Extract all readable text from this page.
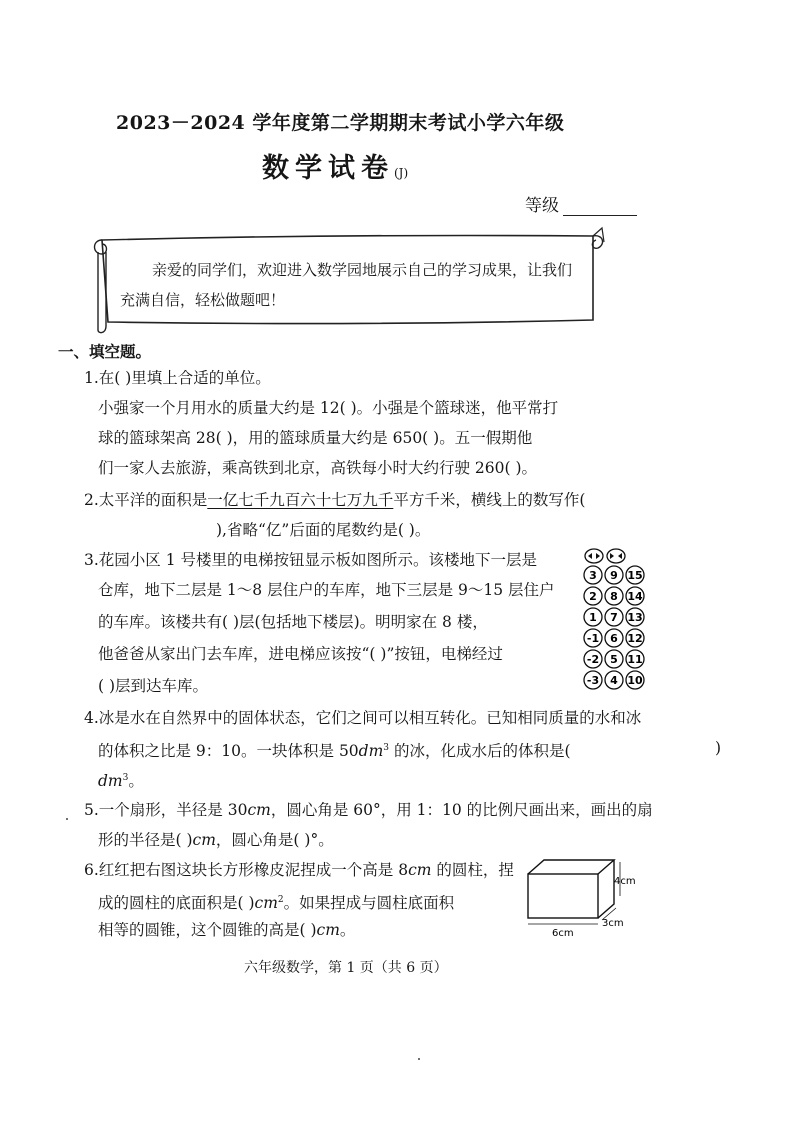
2023－2024 学年度第二学期期末考试小学六年级
数学试卷(J)
等级
亲爱的同学们，欢迎进入数学园地展示自己的学习成果，让我们
充满自信，轻松做题吧！
一、填空题。
1.在( )里填上合适的单位。
小强家一个月用水的质量大约是 12( )。小强是个篮球迷，他平常打
球的篮球架高 28( )，用的篮球质量大约是 650( )。五一假期他
们一家人去旅游，乘高铁到北京，高铁每小时大约行驶 260( )。
2.太平洋的面积是一亿七千九百六十七万九千平方千米，横线上的数写作(
),省略“亿”后面的尾数约是( )。
3.花园小区 1 号楼里的电梯按钮显示板如图所示。该楼地下一层是
仓库，地下二层是 1～8 层住户的车库，地下三层是 9～15 层住户
的车库。该楼共有( )层(包括地下楼层)。明明家在 8 楼，
他爸爸从家出门去车库，进电梯应该按“( )”按钮，电梯经过
( )层到达车库。
3 9 15
2 8 14
1 7 13
-1 6 12
-2 5 11
-3 4 10
4.冰是水在自然界中的固体状态，它们之间可以相互转化。已知相同质量的水和冰
的体积之比是 9：10。一块体积是 $50dm^3$ 的冰，化成水后的体积是(	)
$dm^3$。
5.一个扇形，半径是 30cm，圆心角是 60°，用 1：10 的比例尺画出来，画出的扇
形的半径是( )cm，圆心角是( )°。
6.红红把右图这块长方形橡皮泥捏成一个高是 8cm 的圆柱，捏
成的圆柱的底面积是( )$cm^2$。如果捏成与圆柱底面积
相等的圆锥，这个圆锥的高是( )cm。
4cm
3cm
6cm
六年级数学，第 1 页（共 6 页）
